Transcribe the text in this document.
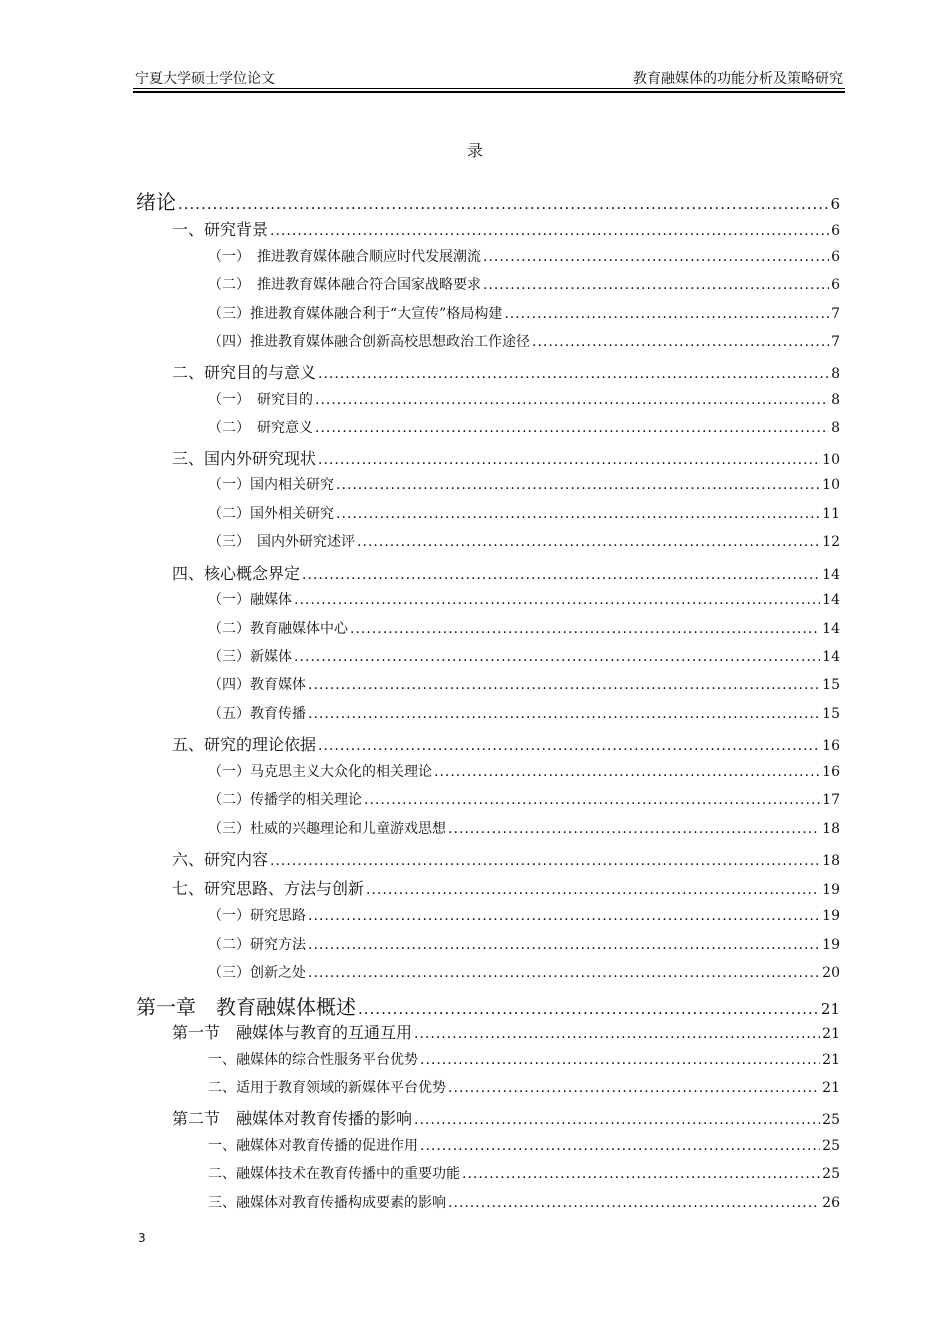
宁夏大学硕士学位论文	教育融媒体的功能分析及策略研究
录
绪论 .....	6
一、研究背景 .....	6
（一）　推进教育媒体融合顺应时代发展潮流 .....	6
（二）　推进教育媒体融合符合国家战略要求 .....	6
（三）推进教育媒体融合利于“大宣传”格局构建 .....	7
（四）推进教育媒体融合创新高校思想政治工作途径 .....	7
二、研究目的与意义 .....	8
（一）　研究目的 .....	8
（二）　研究意义 .....	8
三、国内外研究现状 .....	10
（一）国内相关研究 .....	10
（二）国外相关研究 .....	11
（三）　国内外研究述评 .....	12
四、核心概念界定 .....	14
（一）融媒体 .....	14
（二）教育融媒体中心 .....	14
（三）新媒体 .....	14
（四）教育媒体 .....	15
（五）教育传播 .....	15
五、研究的理论依据 .....	16
（一）马克思主义大众化的相关理论 .....	16
（二）传播学的相关理论 .....	17
（三）杜威的兴趣理论和儿童游戏思想 .....	18
六、研究内容 .....	18
七、研究思路、方法与创新 .....	19
（一）研究思路 .....	19
（二）研究方法 .....	19
（三）创新之处 .....	20
第一章　教育融媒体概述 .....	21
第一节　融媒体与教育的互通互用 .....	21
一、融媒体的综合性服务平台优势 .....	21
二、适用于教育领域的新媒体平台优势 .....	21
第二节　融媒体对教育传播的影响 .....	25
一、融媒体对教育传播的促进作用 .....	25
二、融媒体技术在教育传播中的重要功能 .....	25
三、融媒体对教育传播构成要素的影响 .....	26
3
